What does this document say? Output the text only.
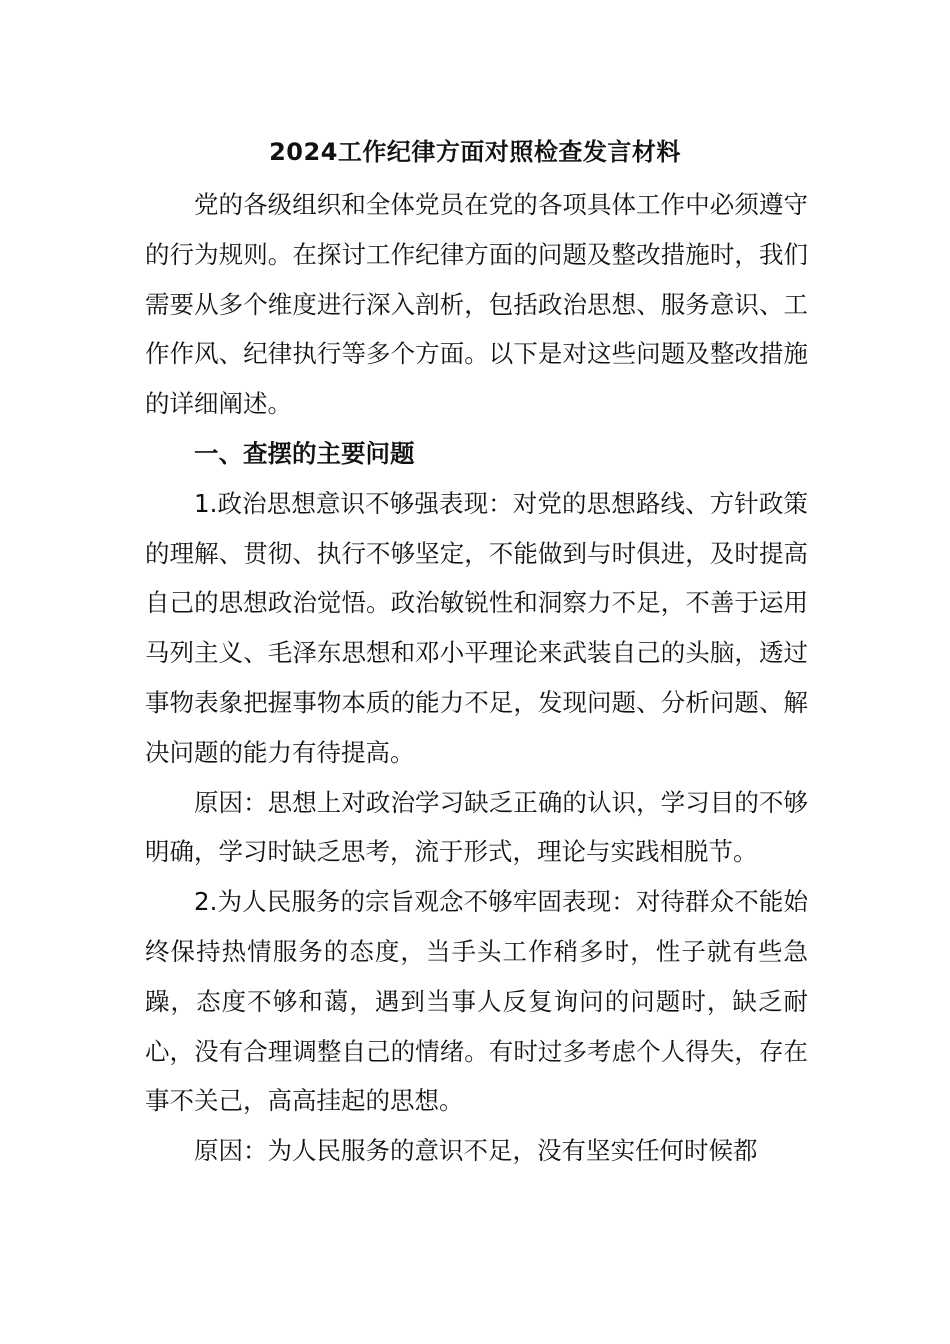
2024工作纪律方面对照检查发言材料

党的各级组织和全体党员在党的各项具体工作中必须遵守的行为规则。在探讨工作纪律方面的问题及整改措施时，我们需要从多个维度进行深入剖析，包括政治思想、服务意识、工作作风、纪律执行等多个方面。以下是对这些问题及整改措施的详细阐述。

一、查摆的主要问题

1.政治思想意识不够强表现：对党的思想路线、方针政策的理解、贯彻、执行不够坚定，不能做到与时俱进，及时提高自己的思想政治觉悟。政治敏锐性和洞察力不足，不善于运用马列主义、毛泽东思想和邓小平理论来武装自己的头脑，透过事物表象把握事物本质的能力不足，发现问题、分析问题、解决问题的能力有待提高。

原因：思想上对政治学习缺乏正确的认识，学习目的不够明确，学习时缺乏思考，流于形式，理论与实践相脱节。

2.为人民服务的宗旨观念不够牢固表现：对待群众不能始终保持热情服务的态度，当手头工作稍多时，性子就有些急躁，态度不够和蔼，遇到当事人反复询问的问题时，缺乏耐心，没有合理调整自己的情绪。有时过多考虑个人得失，存在事不关己，高高挂起的思想。

原因：为人民服务的意识不足，没有坚实任何时候都
